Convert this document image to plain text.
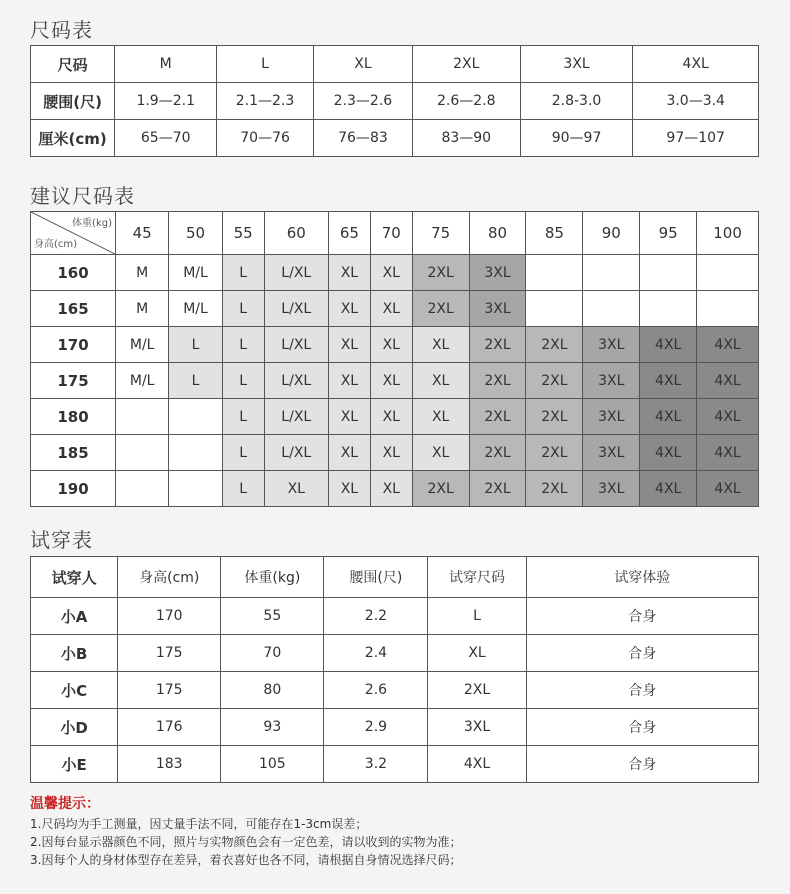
尺码表
尺码	M	L	XL	2XL	3XL	4XL
腰围(尺)	1.9—2.1	2.1—2.3	2.3—2.6	2.6—2.8	2.8-3.0	3.0—3.4
厘米(cm)	65—70	70—76	76—83	83—90	90—97	97—107
建议尺码表
体重(kg)
身高(cm)	45	50	55	60	65	70	75	80	85	90	95	100
160	M	M/L	L	L/XL	XL	XL	2XL	3XL				
165	M	M/L	L	L/XL	XL	XL	2XL	3XL				
170	M/L	L	L	L/XL	XL	XL	XL	2XL	2XL	3XL	4XL	4XL
175	M/L	L	L	L/XL	XL	XL	XL	2XL	2XL	3XL	4XL	4XL
180			L	L/XL	XL	XL	XL	2XL	2XL	3XL	4XL	4XL
185			L	L/XL	XL	XL	XL	2XL	2XL	3XL	4XL	4XL
190			L	XL	XL	XL	2XL	2XL	2XL	3XL	4XL	4XL
试穿表
试穿人	身高(cm)	体重(kg)	腰围(尺)	试穿尺码	试穿体验
小A	170	55	2.2	L	合身
小B	175	70	2.4	XL	合身
小C	175	80	2.6	2XL	合身
小D	176	93	2.9	3XL	合身
小E	183	105	3.2	4XL	合身
温馨提示：
1.尺码均为手工测量，因丈量手法不同，可能存在1-3cm误差；
2.因每台显示器颜色不同，照片与实物颜色会有一定色差，请以收到的实物为准；
3.因每个人的身材体型存在差异，着衣喜好也各不同，请根据自身情况选择尺码；
